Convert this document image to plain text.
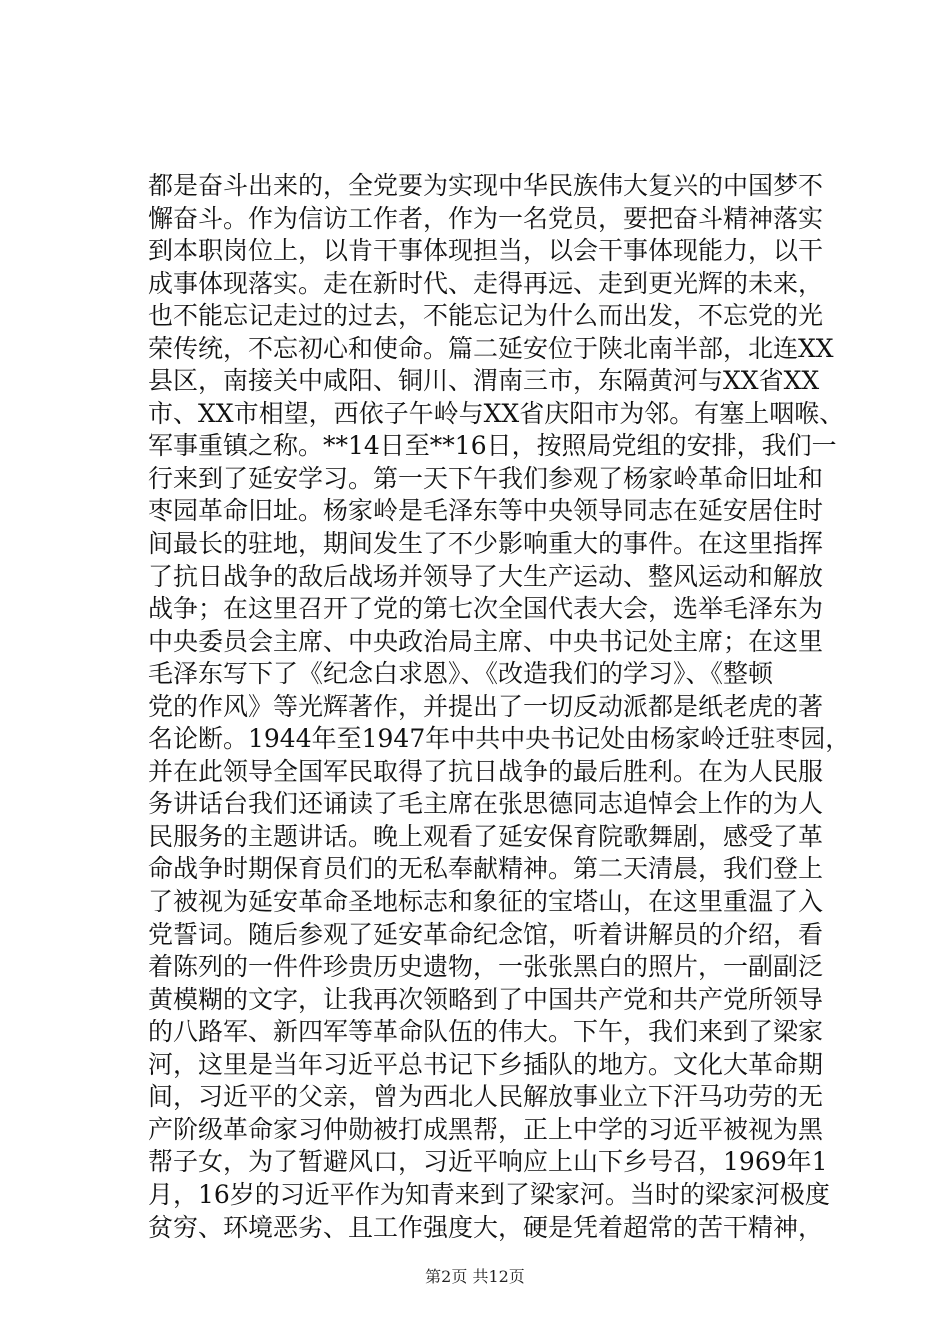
都是奋斗出来的，全党要为实现中华民族伟大复兴的中国梦不
懈奋斗。作为信访工作者，作为一名党员，要把奋斗精神落实
到本职岗位上，以肯干事体现担当，以会干事体现能力，以干
成事体现落实。走在新时代、走得再远、走到更光辉的未来，
也不能忘记走过的过去，不能忘记为什么而出发，不忘党的光
荣传统，不忘初心和使命。篇二延安位于陕北南半部，北连XX
县区，南接关中咸阳、铜川、渭南三市，东隔黄河与XX省XX
市、XX市相望，西依子午岭与XX省庆阳市为邻。有塞上咽喉、
军事重镇之称。**14日至**16日，按照局党组的安排，我们一
行来到了延安学习。第一天下午我们参观了杨家岭革命旧址和
枣园革命旧址。杨家岭是毛泽东等中央领导同志在延安居住时
间最长的驻地，期间发生了不少影响重大的事件。在这里指挥
了抗日战争的敌后战场并领导了大生产运动、整风运动和解放
战争；在这里召开了党的第七次全国代表大会，选举毛泽东为
中央委员会主席、中央政治局主席、中央书记处主席；在这里
毛泽东写下了《纪念白求恩》、《改造我们的学习》、《整顿
党的作风》等光辉著作，并提出了一切反动派都是纸老虎的著
名论断。1944年至1947年中共中央书记处由杨家岭迁驻枣园，
并在此领导全国军民取得了抗日战争的最后胜利。在为人民服
务讲话台我们还诵读了毛主席在张思德同志追悼会上作的为人
民服务的主题讲话。晚上观看了延安保育院歌舞剧，感受了革
命战争时期保育员们的无私奉献精神。第二天清晨，我们登上
了被视为延安革命圣地标志和象征的宝塔山，在这里重温了入
党誓词。随后参观了延安革命纪念馆，听着讲解员的介绍，看
着陈列的一件件珍贵历史遗物，一张张黑白的照片，一副副泛
黄模糊的文字，让我再次领略到了中国共产党和共产党所领导
的八路军、新四军等革命队伍的伟大。下午，我们来到了梁家
河，这里是当年习近平总书记下乡插队的地方。文化大革命期
间，习近平的父亲，曾为西北人民解放事业立下汗马功劳的无
产阶级革命家习仲勋被打成黑帮，正上中学的习近平被视为黑
帮子女，为了暂避风口，习近平响应上山下乡号召，1969年1
月，16岁的习近平作为知青来到了梁家河。当时的梁家河极度
贫穷、环境恶劣、且工作强度大，硬是凭着超常的苦干精神，
第2页 共12页
